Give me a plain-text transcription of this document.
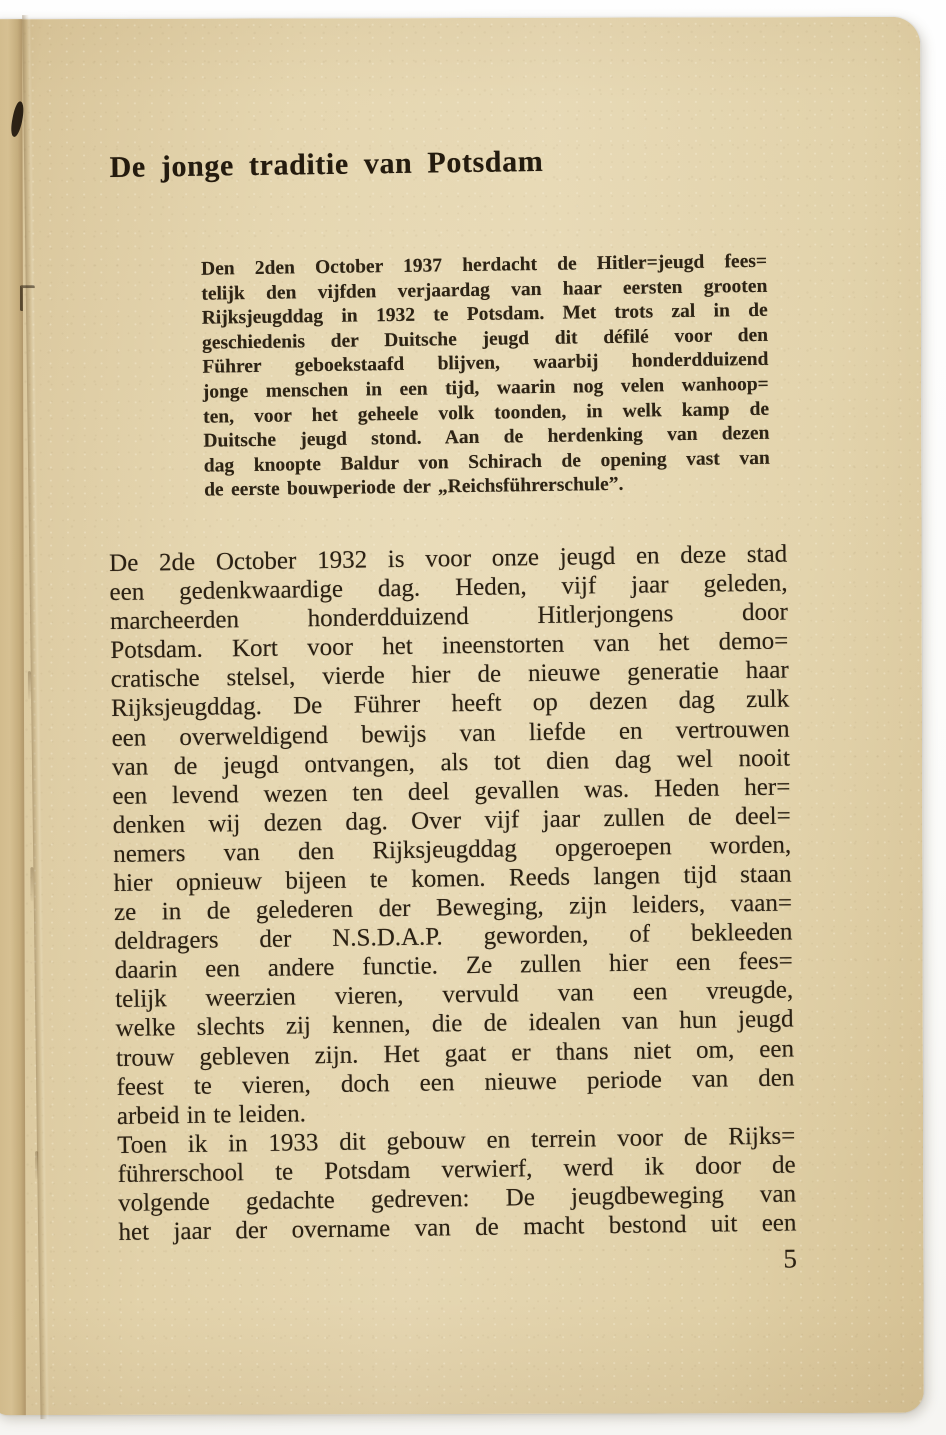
De jonge traditie van Potsdam
Den 2den October 1937 herdacht de Hitler=jeugd fees=
telijk den vijfden verjaardag van haar eersten grooten
Rijksjeugddag in 1932 te Potsdam. Met trots zal in de
geschiedenis der Duitsche jeugd dit défilé voor den
Führer geboekstaafd blijven, waarbij honderdduizend
jonge menschen in een tijd, waarin nog velen wanhoop=
ten, voor het geheele volk toonden, in welk kamp de
Duitsche jeugd stond. Aan de herdenking van dezen
dag knoopte Baldur von Schirach de opening vast van
de eerste bouwperiode der „Reichsführerschule”.
De 2de October 1932 is voor onze jeugd en deze stad
een gedenkwaardige dag. Heden, vijf jaar geleden,
marcheerden honderdduizend Hitlerjongens door
Potsdam. Kort voor het ineenstorten van het demo=
cratische stelsel, vierde hier de nieuwe generatie haar
Rijksjeugddag. De Führer heeft op dezen dag zulk
een overweldigend bewijs van liefde en vertrouwen
van de jeugd ontvangen, als tot dien dag wel nooit
een levend wezen ten deel gevallen was. Heden her=
denken wij dezen dag. Over vijf jaar zullen de deel=
nemers van den Rijksjeugddag opgeroepen worden,
hier opnieuw bijeen te komen. Reeds langen tijd staan
ze in de gelederen der Beweging, zijn leiders, vaan=
deldragers der N.S.D.A.P. geworden, of bekleeden
daarin een andere functie. Ze zullen hier een fees=
telijk weerzien vieren, vervuld van een vreugde,
welke slechts zij kennen, die de idealen van hun jeugd
trouw gebleven zijn. Het gaat er thans niet om, een
feest te vieren, doch een nieuwe periode van den
arbeid in te leiden.
Toen ik in 1933 dit gebouw en terrein voor de Rijks=
führerschool te Potsdam verwierf, werd ik door de
volgende gedachte gedreven: De jeugdbeweging van
het jaar der overname van de macht bestond uit een
5
